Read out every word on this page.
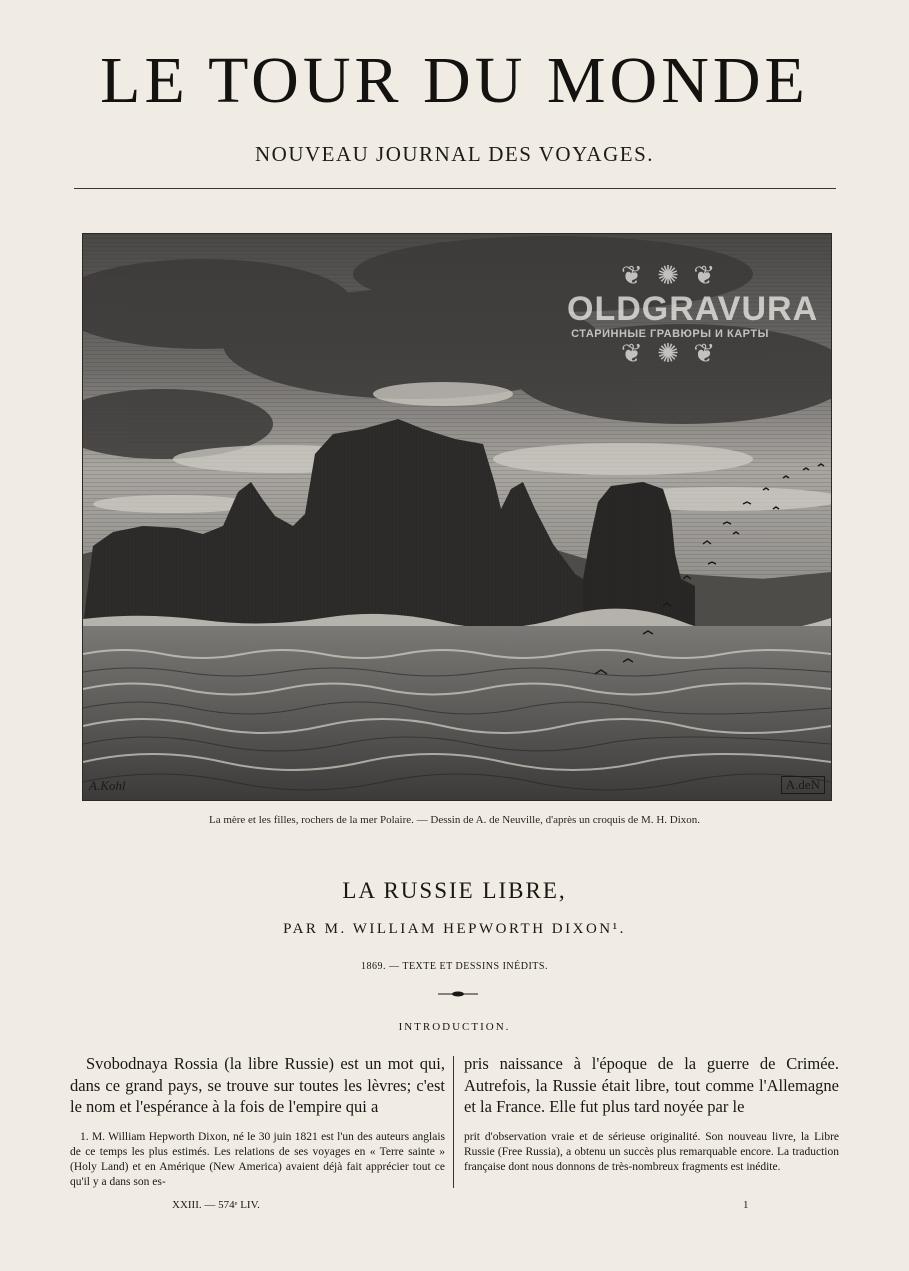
LE TOUR DU MONDE
NOUVEAU JOURNAL DES VOYAGES.
A.Kohl	A.deN
❦ ✺ ❦
OLDGRAVURA
СТАРИННЫЕ ГРАВЮРЫ И КАРТЫ
❦ ✺ ❦
La mère et les filles, rochers de la mer Polaire. — Dessin de A. de Neuville, d'après un croquis de M. H. Dixon.
LA RUSSIE LIBRE,
PAR M. WILLIAM HEPWORTH DIXON¹.
1869. — TEXTE ET DESSINS INÉDITS.
INTRODUCTION.
Svobodnaya Rossia (la libre Russie) est un mot qui, dans ce grand pays, se trouve sur toutes les lèvres; c'est le nom et l'espérance à la fois de l'empire qui a
pris naissance à l'époque de la guerre de Crimée. Autrefois, la Russie était libre, tout comme l'Allemagne et la France. Elle fut plus tard noyée par le
1. M. William Hepworth Dixon, né le 30 juin 1821 est l'un des auteurs anglais de ce temps les plus estimés. Les relations de ses voyages en « Terre sainte » (Holy Land) et en Amérique (New America) avaient déjà fait apprécier tout ce qu'il y a dans son es-
prit d'observation vraie et de sérieuse originalité. Son nouveau livre, la Libre Russie (Free Russia), a obtenu un succès plus remarquable encore. La traduction française dont nous donnons de très-nombreux fragments est inédite.
XXIII. — 574ᵉ LIV.	1
